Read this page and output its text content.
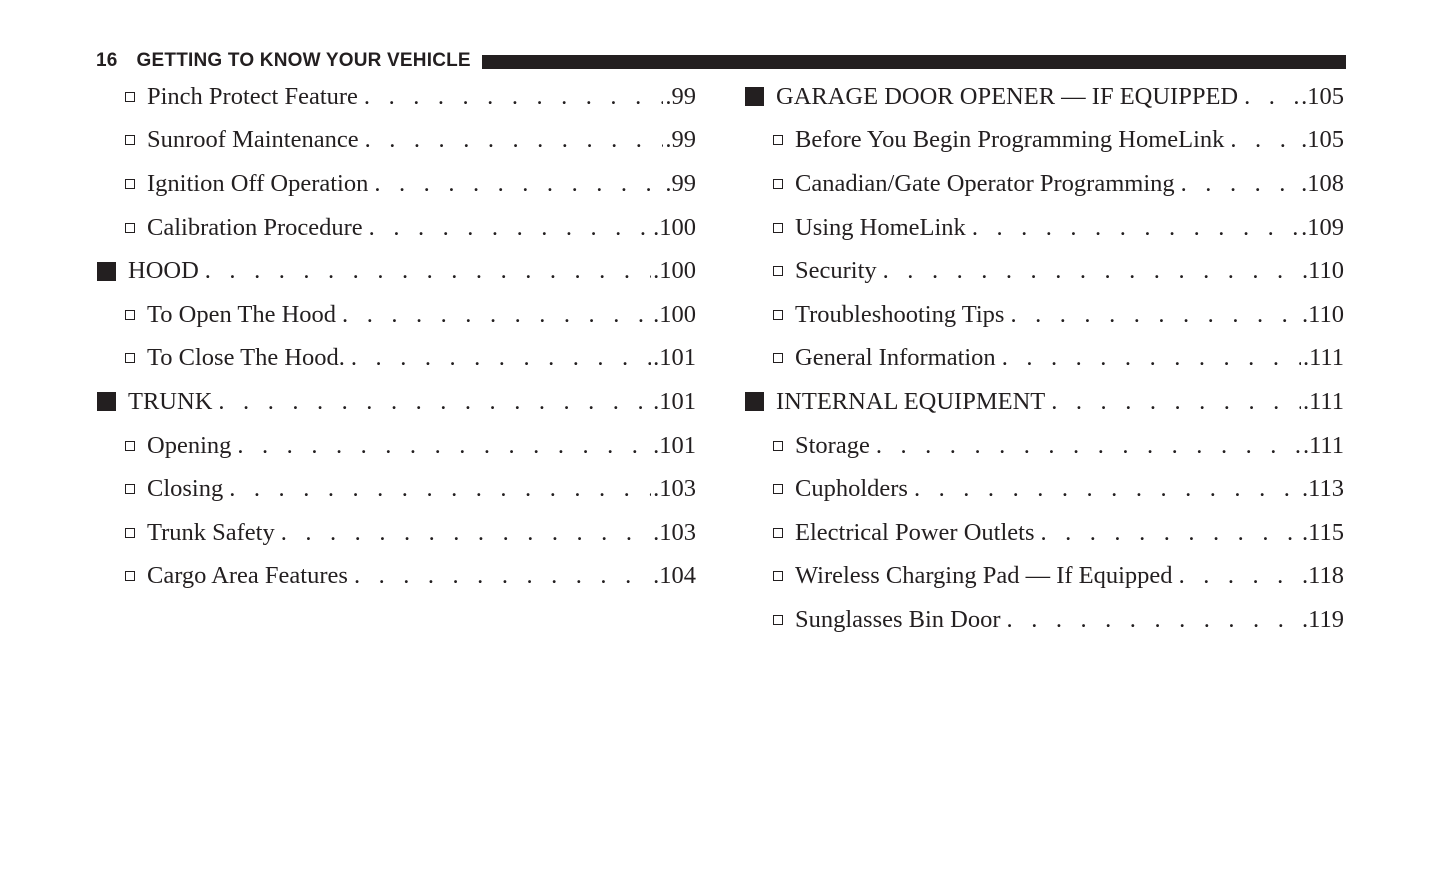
16 GETTING TO KNOW YOUR VEHICLE
Pinch Protect Feature . . .	.99
Sunroof Maintenance . . .	.99
Ignition Off Operation . . .	.99
Calibration Procedure . . .	.100
HOOD . . .	.100
To Open The Hood . . .	.100
To Close The Hood. . . .	.101
TRUNK . . .	.101
Opening . . .	.101
Closing . . .	.103
Trunk Safety . . .	.103
Cargo Area Features . . .	.104
GARAGE DOOR OPENER — IF EQUIPPED . . .	.105
Before You Begin Programming HomeLink . . .	.105
Canadian/Gate Operator Programming . . .	.108
Using HomeLink . . .	.109
Security . . .	.110
Troubleshooting Tips . . .	.110
General Information . . .	.111
INTERNAL EQUIPMENT . . .	.111
Storage . . .	.111
Cupholders . . .	.113
Electrical Power Outlets . . .	.115
Wireless Charging Pad — If Equipped . . .	.118
Sunglasses Bin Door . . .	.119
